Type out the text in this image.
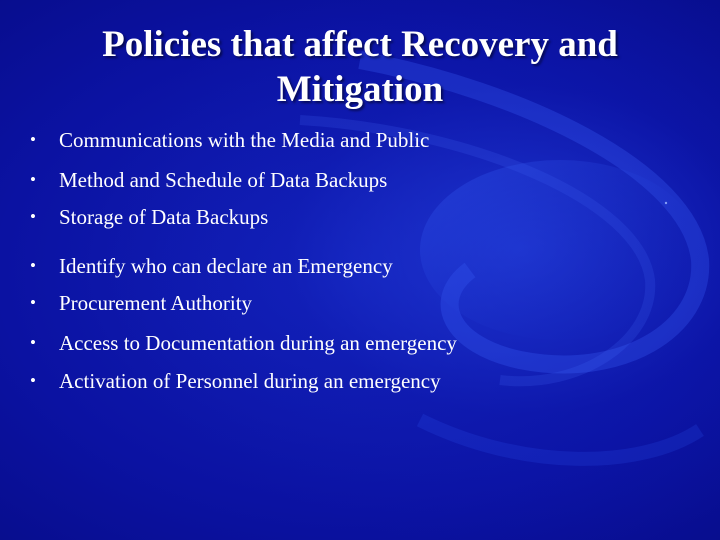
Policies that affect Recovery and Mitigation
•	Communications with the Media and Public
•	Method and Schedule of Data Backups
•	Storage of Data Backups
•	Identify who can declare an Emergency
•	Procurement Authority
•	Access to Documentation during an emergency
•	Activation of Personnel during an emergency
